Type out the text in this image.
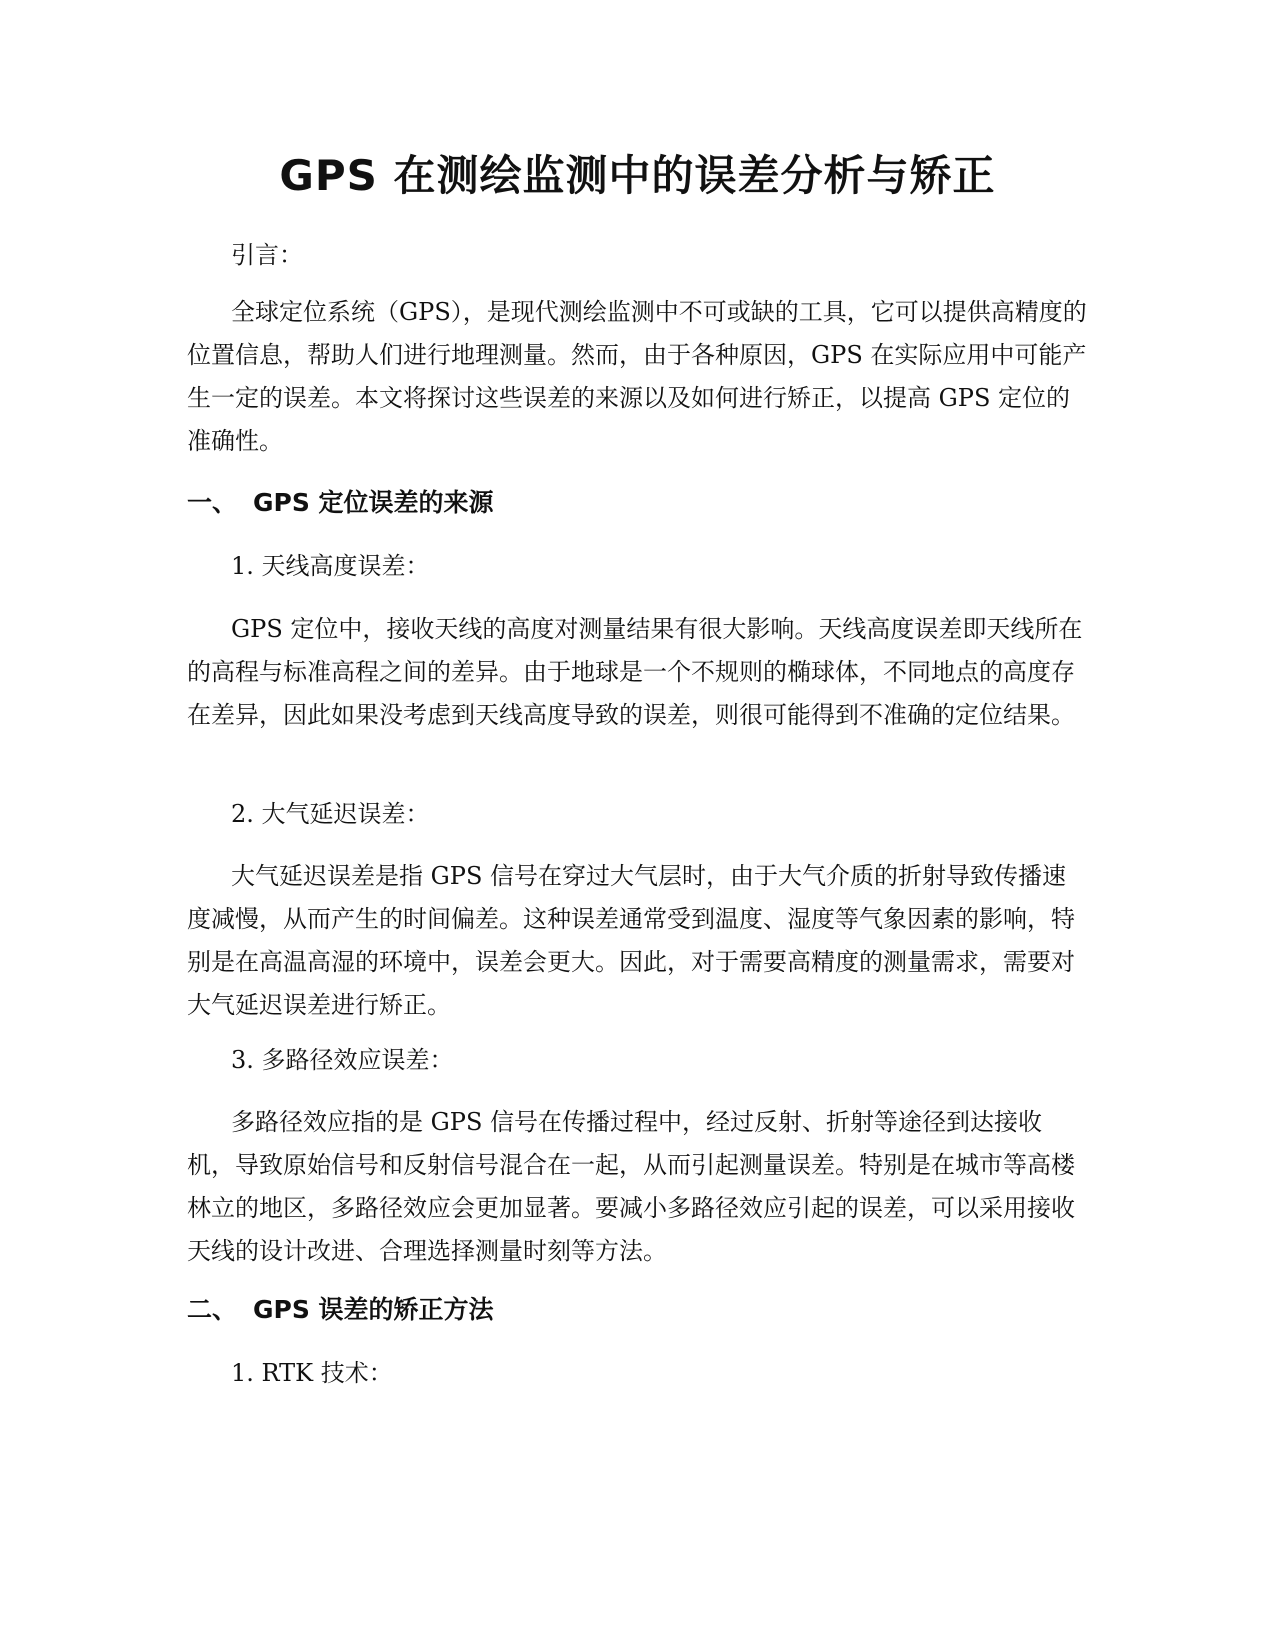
GPS 在测绘监测中的误差分析与矫正
引言：
全球定位系统（GPS），是现代测绘监测中不可或缺的工具，它可以提供高精度的位置信息，帮助人们进行地理测量。然而，由于各种原因，GPS 在实际应用中可能产生一定的误差。本文将探讨这些误差的来源以及如何进行矫正，以提高 GPS 定位的准确性。
一、 GPS 定位误差的来源
1. 天线高度误差：
GPS 定位中，接收天线的高度对测量结果有很大影响。天线高度误差即天线所在的高程与标准高程之间的差异。由于地球是一个不规则的椭球体，不同地点的高度存在差异，因此如果没考虑到天线高度导致的误差，则很可能得到不准确的定位结果。
2. 大气延迟误差：
大气延迟误差是指 GPS 信号在穿过大气层时，由于大气介质的折射导致传播速度减慢，从而产生的时间偏差。这种误差通常受到温度、湿度等气象因素的影响，特别是在高温高湿的环境中，误差会更大。因此，对于需要高精度的测量需求，需要对大气延迟误差进行矫正。
3. 多路径效应误差：
多路径效应指的是 GPS 信号在传播过程中，经过反射、折射等途径到达接收机，导致原始信号和反射信号混合在一起，从而引起测量误差。特别是在城市等高楼林立的地区，多路径效应会更加显著。要减小多路径效应引起的误差，可以采用接收天线的设计改进、合理选择测量时刻等方法。
二、 GPS 误差的矫正方法
1. RTK 技术：
